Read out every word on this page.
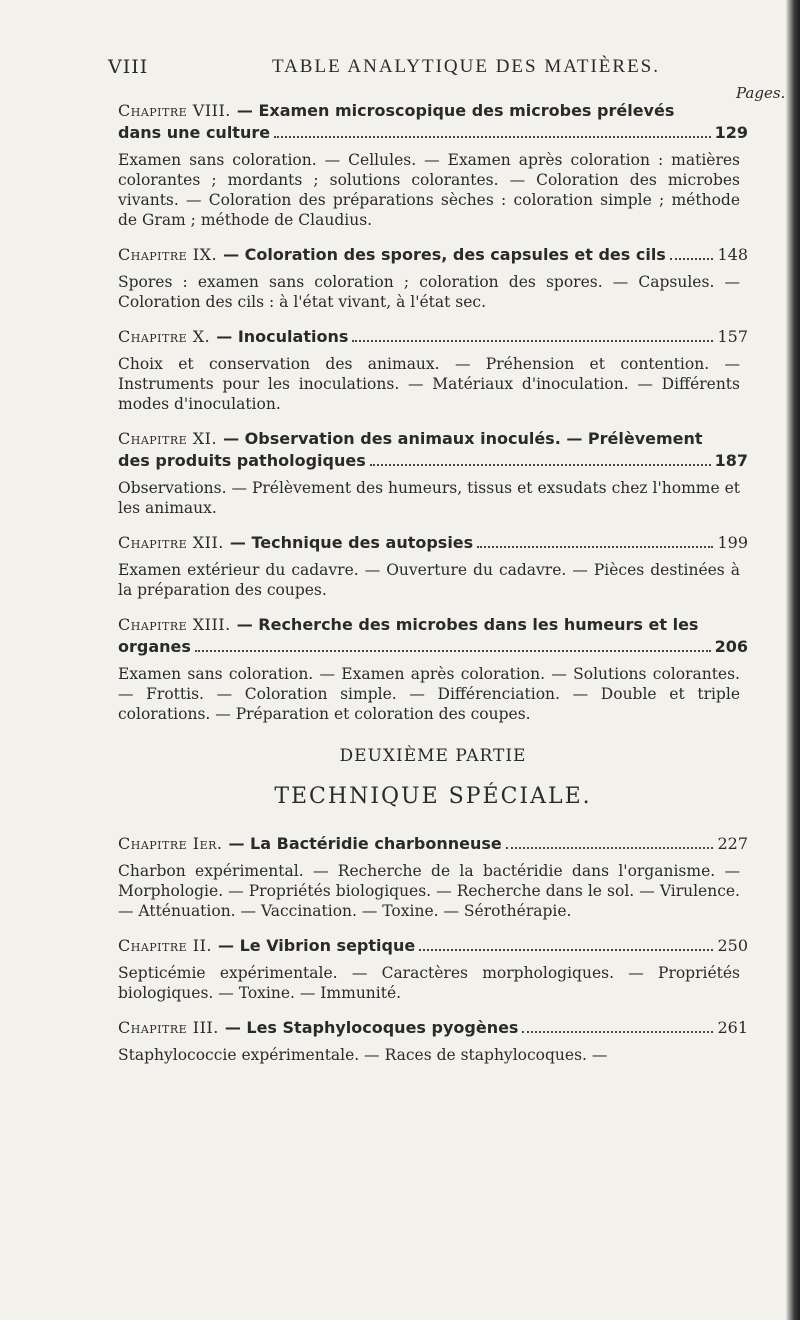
VIII	TABLE ANALYTIQUE DES MATIÈRES.
Pages.
Chapitre VIII. — Examen microscopique des microbes prélevés
dans une culture	129

Examen sans coloration. — Cellules. — Examen après coloration : matières colorantes ; mordants ; solutions colorantes. — Coloration des microbes vivants. — Coloration des préparations sèches : coloration simple ; méthode de Gram ; méthode de Claudius.

Chapitre IX. — Coloration des spores, des capsules et des cils	148

Spores : examen sans coloration ; coloration des spores. — Capsules. — Coloration des cils : à l'état vivant, à l'état sec.

Chapitre X. — Inoculations	157

Choix et conservation des animaux. — Préhension et contention. — Instruments pour les inoculations. — Matériaux d'inoculation. — Différents modes d'inoculation.

Chapitre XI. — Observation des animaux inoculés. — Prélèvement
des produits pathologiques	187

Observations. — Prélèvement des humeurs, tissus et exsudats chez l'homme et les animaux.

Chapitre XII. — Technique des autopsies	199

Examen extérieur du cadavre. — Ouverture du cadavre. — Pièces destinées à la préparation des coupes.

Chapitre XIII. — Recherche des microbes dans les humeurs et les
organes	206

Examen sans coloration. — Examen après coloration. — Solutions colorantes. — Frottis. — Coloration simple. — Différenciation. — Double et triple colorations. — Préparation et coloration des coupes.

DEUXIÈME PARTIE
TECHNIQUE SPÉCIALE.
Chapitre Ier. — La Bactéridie charbonneuse	227

Charbon expérimental. — Recherche de la bactéridie dans l'organisme. — Morphologie. — Propriétés biologiques. — Recherche dans le sol. — Virulence. — Atténuation. — Vaccination. — Toxine. — Sérothérapie.

Chapitre II. — Le Vibrion septique	250

Septicémie expérimentale. — Caractères morphologiques. — Propriétés biologiques. — Toxine. — Immunité.

Chapitre III. — Les Staphylocoques pyogènes	261

Staphylococcie expérimentale. — Races de staphylocoques. —
